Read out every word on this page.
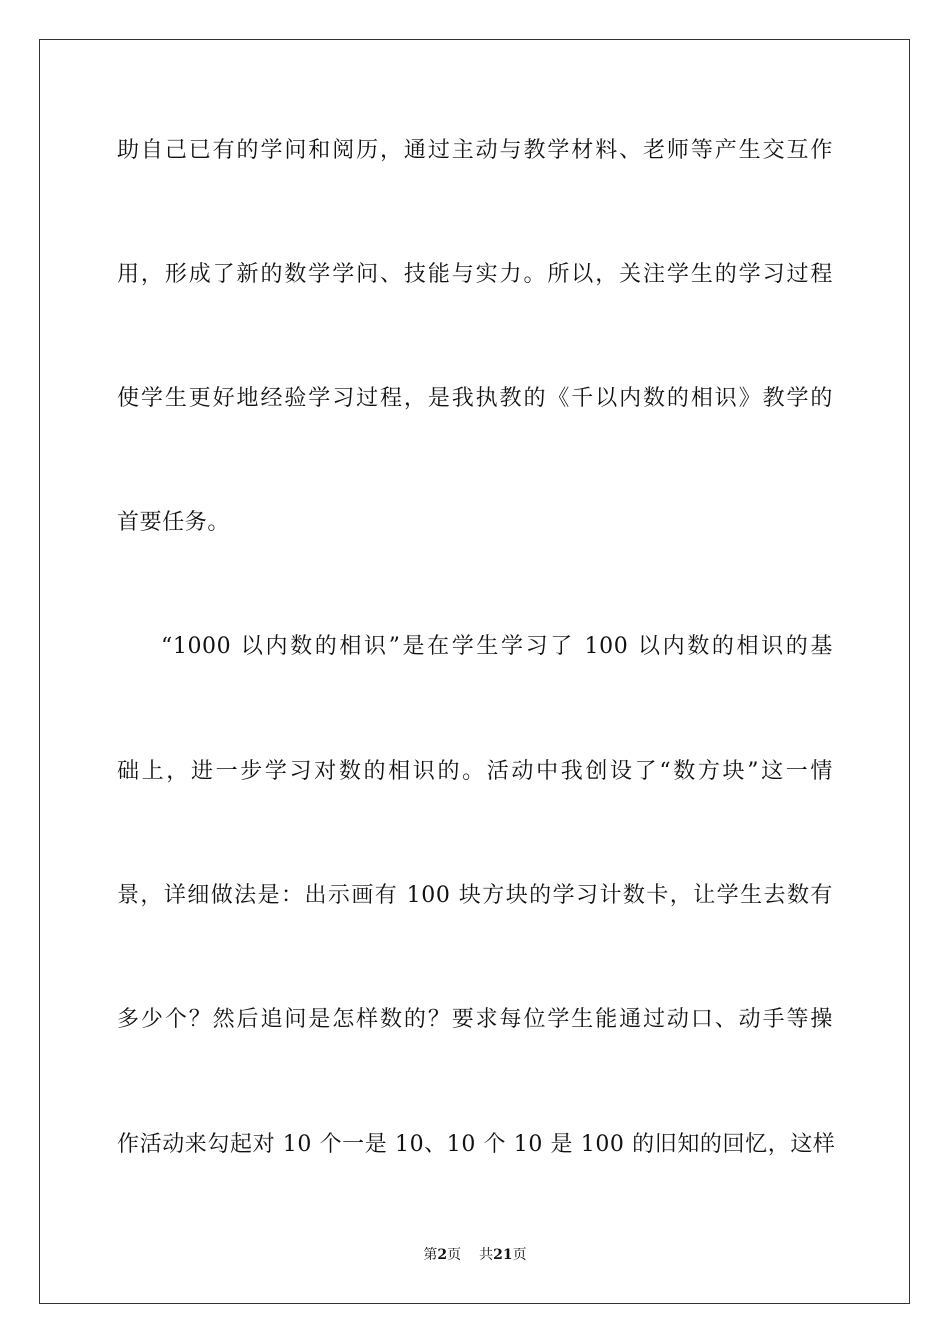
助自己已有的学问和阅历，通过主动与教学材料、老师等产生交互作
用，形成了新的数学学问、技能与实力。所以，关注学生的学习过程
使学生更好地经验学习过程，是我执教的《千以内数的相识》教学的
首要任务。
“1000 以内数的相识”是在学生学习了 100 以内数的相识的基
础上，进一步学习对数的相识的。活动中我创设了“数方块”这一情
景，详细做法是：出示画有 100 块方块的学习计数卡，让学生去数有
多少个？然后追问是怎样数的？要求每位学生能通过动口、动手等操
作活动来勾起对 10 个一是 10、10 个 10 是 100 的旧知的回忆，这样
第2页 共21页
